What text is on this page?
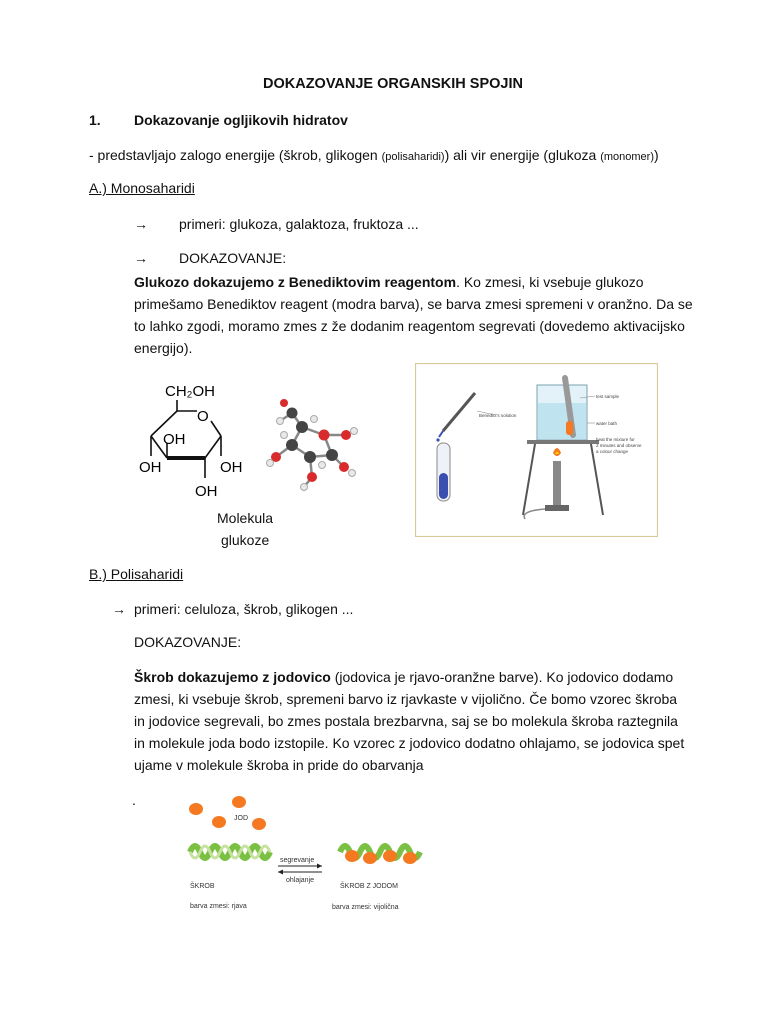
DOKAZOVANJE ORGANSKIH SPOJIN
1. Dokazovanje ogljikovih hidratov
- predstavljajo zalogo energije (škrob, glikogen (polisaharidi)) ali vir energije (glukoza (monomer))
A.) Monosaharidi
→ primeri: glukoza, galaktoza, fruktoza ...
→ DOKAZOVANJE:
Glukozo dokazujemo z Benediktovim reagentom. Ko zmesi, ki vsebuje glukozo primešamo Benediktov reagent (modra barva), se barva zmesi spremeni v oranžno. Da se to lahko zgodi, moramo zmes z že dodanim reagentom segrevati (dovedemo aktivacijsko energijo).
CH₂OH
O
OH
OH	OH
OH
Molekula
glukoze
Benedict's solution
test sample
water bath
heat the mixture for
2 minutes and observe
a colour change
B.) Polisaharidi
→ primeri: celuloza, škrob, glikogen ...
DOKAZOVANJE:
Škrob dokazujemo z jodovico (jodovica je rjavo-oranžne barve). Ko jodovico dodamo zmesi, ki vsebuje škrob, spremeni barvo iz rjavkaste v vijolično. Če bomo vzorec škroba in jodovice segrevali, bo zmes postala brezbarvna, saj se bo molekula škroba raztegnila in molekule joda bodo izstopile. Ko vzorec z jodovico dodatno ohlajamo, se jodovica spet ujame v molekule škroba in pride do obarvanja
.
JOD
ŠKROB
barva zmesi: rjava
segrevanje
ohlajanje
ŠKROB Z JODOM
barva zmesi: vijolična
